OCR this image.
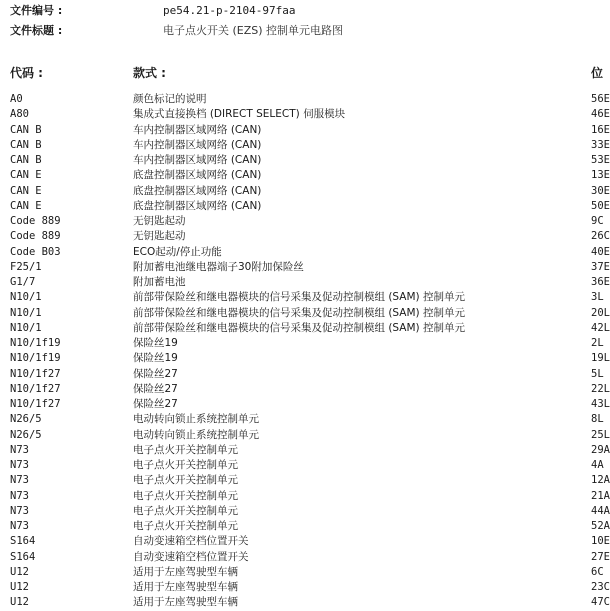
文件编号 :	pe54.21-p-2104-97faa
文件标题 :	电子点火开关 (EZS) 控制单元电路图
代码 :	款式 :	位
A0	颜色标记的说明	56E
A80	集成式直接换档 (DIRECT SELECT) 伺服模块	46E
CAN B	车内控制器区域网络 (CAN)	16E
CAN B	车内控制器区域网络 (CAN)	33E
CAN B	车内控制器区域网络 (CAN)	53E
CAN E	底盘控制器区域网络 (CAN)	13E
CAN E	底盘控制器区域网络 (CAN)	30E
CAN E	底盘控制器区域网络 (CAN)	50E
Code 889	无钥匙起动	9C
Code 889	无钥匙起动	26C
Code B03	ECO起动/停止功能	40E
F25/1	附加蓄电池继电器端子30附加保险丝	37E
G1/7	附加蓄电池	36E
N10/1	前部带保险丝和继电器模块的信号采集及促动控制模组 (SAM) 控制单元	3L
N10/1	前部带保险丝和继电器模块的信号采集及促动控制模组 (SAM) 控制单元	20L
N10/1	前部带保险丝和继电器模块的信号采集及促动控制模组 (SAM) 控制单元	42L
N10/1f19	保险丝19	2L
N10/1f19	保险丝19	19L
N10/1f27	保险丝27	5L
N10/1f27	保险丝27	22L
N10/1f27	保险丝27	43L
N26/5	电动转向锁止系统控制单元	8L
N26/5	电动转向锁止系统控制单元	25L
N73	电子点火开关控制单元	29A
N73	电子点火开关控制单元	4A
N73	电子点火开关控制单元	12A
N73	电子点火开关控制单元	21A
N73	电子点火开关控制单元	44A
N73	电子点火开关控制单元	52A
S164	自动变速箱空档位置开关	10E
S164	自动变速箱空档位置开关	27E
U12	适用于左座驾驶型车辆	6C
U12	适用于左座驾驶型车辆	23C
U12	适用于左座驾驶型车辆	47C
